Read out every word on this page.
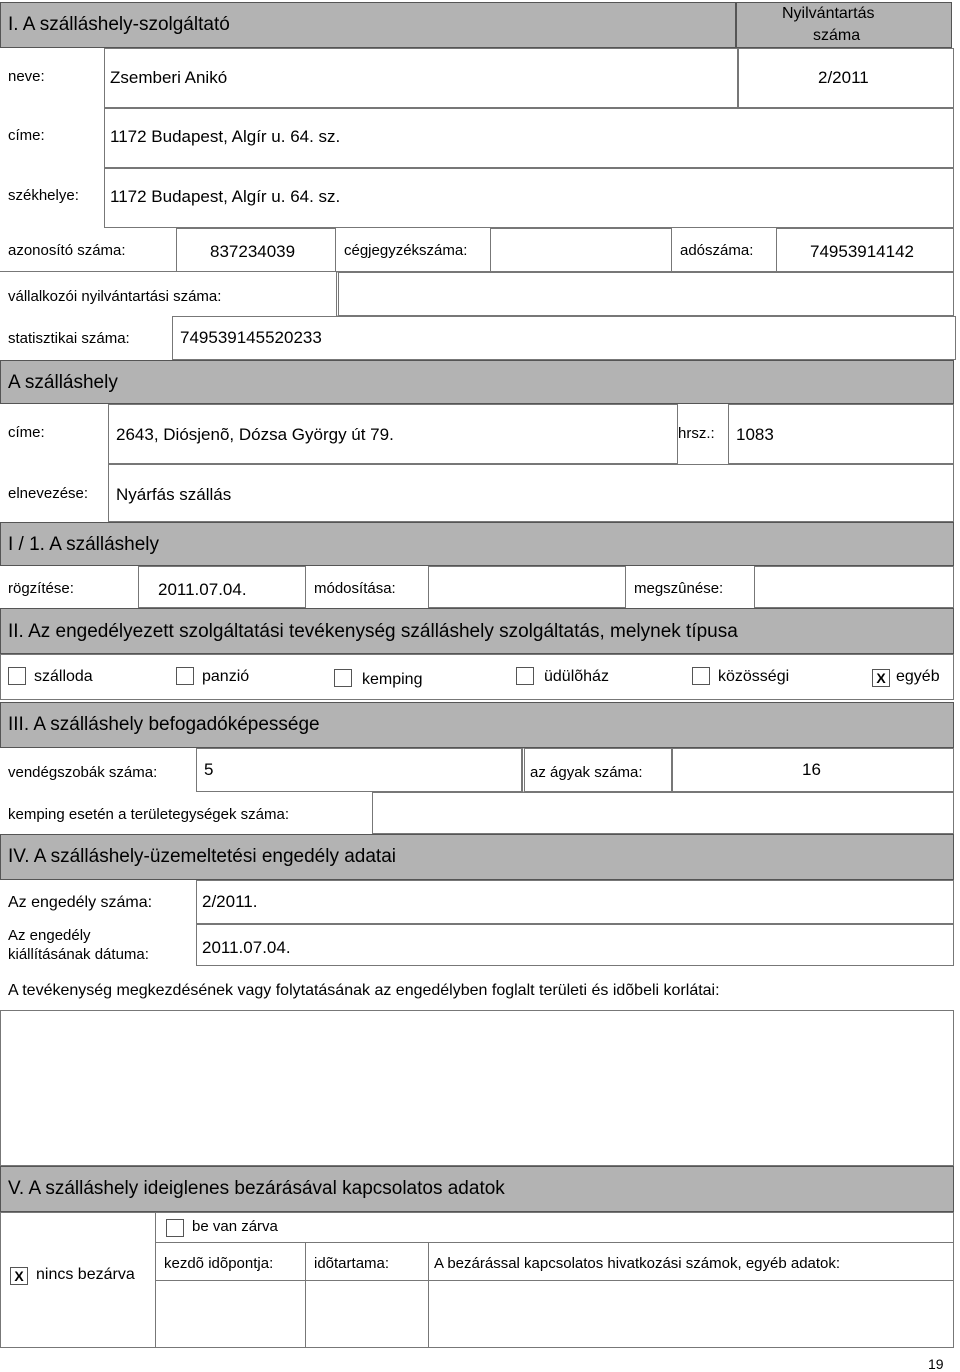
I. A szálláshely-szolgáltató
Nyilvántartás
száma
neve:	Zsemberi Anikó	2/2011
címe:	1172 Budapest, Algír u. 64. sz.
székhelye: 1172 Budapest, Algír u. 64. sz.
azonosító száma:	837234039	cégjegyzékszáma:	adószáma:	74953914142
vállalkozói nyilvántartási száma:
statisztikai száma:	749539145520233
A szálláshely
címe:	2643, Diósjenõ, Dózsa György út 79.	hrsz.: 1083
elnevezése: Nyárfás szállás
I / 1. A szálláshely
rögzítése:	2011.07.04.	módosítása:	megszûnése:
II. Az engedélyezett szolgáltatási tevékenység szálláshely szolgáltatás, melynek típusa
szálloda	panzió	kemping	üdülõház	közösségi	X egyéb
III. A szálláshely befogadóképessége
vendégszobák száma:	5	az ágyak száma:	16
kemping esetén a területegységek száma:
IV. A szálláshely-üzemeltetési engedély adatai
Az engedély száma:	2/2011.
Az engedély
kiállításának dátuma:	2011.07.04.
A tevékenység megkezdésének vagy folytatásának az engedélyben foglalt területi és idõbeli korlátai:
V. A szálláshely ideiglenes bezárásával kapcsolatos adatok
X nincs bezárva
be van zárva
kezdõ idõpontja:	idõtartama:	A bezárással kapcsolatos hivatkozási számok, egyéb adatok:
19
